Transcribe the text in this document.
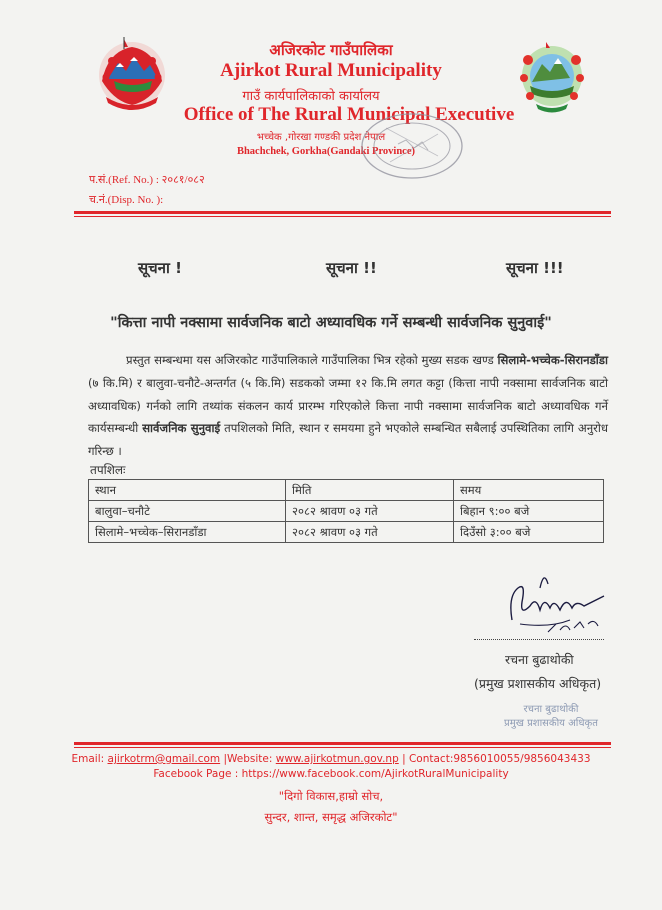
अजिरकोट गाउँपालिका
Ajirkot Rural Municipality
गाउँ कार्यपालिकाको कार्यालय
Office of The Rural Municipal Executive
भच्चेक ,गोरखा गण्डकी प्रदेश नेपाल
Bhachchek, Gorkha(Gandaki Province)
प.सं.(Ref. No.) : २०८१/०८२
च.नं.(Disp. No. ):
सूचना !	सूचना !!	सूचना !!!
"कित्ता नापी नक्सामा सार्वजनिक बाटो अध्यावधिक गर्ने सम्बन्धी सार्वजनिक सुनुवाई"
प्रस्तुत सम्बन्धमा यस अजिरकोट गाउँपालिकाले गाउँपालिका भित्र रहेको मुख्य सडक खण्ड सिलामे-भच्चेक-सिरानडाँडा (७ कि.मि) र बालुवा-चनौटे-अन्तर्गत (५ कि.मि) सडकको जम्मा १२ कि.मि लगत कट्टा (कित्ता नापी नक्सामा सार्वजनिक बाटो अध्यावधिक) गर्नको लागि तथ्यांक संकलन कार्य प्रारम्भ गरिएकोले कित्ता नापी नक्सामा सार्वजनिक बाटो अध्यावधिक गर्ने कार्यसम्बन्धी सार्वजनिक सुनुवाई तपशिलको मिति, स्थान र समयमा हुने भएकोले सम्बन्धित सबैलाई उपस्थितिका लागि अनुरोध गरिन्छ ।
तपशिलः
स्थान	मिति	समय
बालुवा–चनौटे	२०८२ श्रावण ०३ गते	बिहान ९:०० बजे
सिलामे–भच्चेक–सिरानडाँडा	२०८२ श्रावण ०३ गते	दिउँसो ३:०० बजे
रचना बुढाथोकी
(प्रमुख प्रशासकीय अधिकृत)
रचना बुढाथोकी
प्रमुख प्रशासकीय अधिकृत
Email: ajirkotrm@gmail.com |Website: www.ajirkotmun.gov.np | Contact:9856010055/9856043433
Facebook Page : https://www.facebook.com/AjirkotRuralMunicipality
"दिगो विकास,हाम्रो सोच,
सुन्दर, शान्त, समृद्ध अजिरकोट"
